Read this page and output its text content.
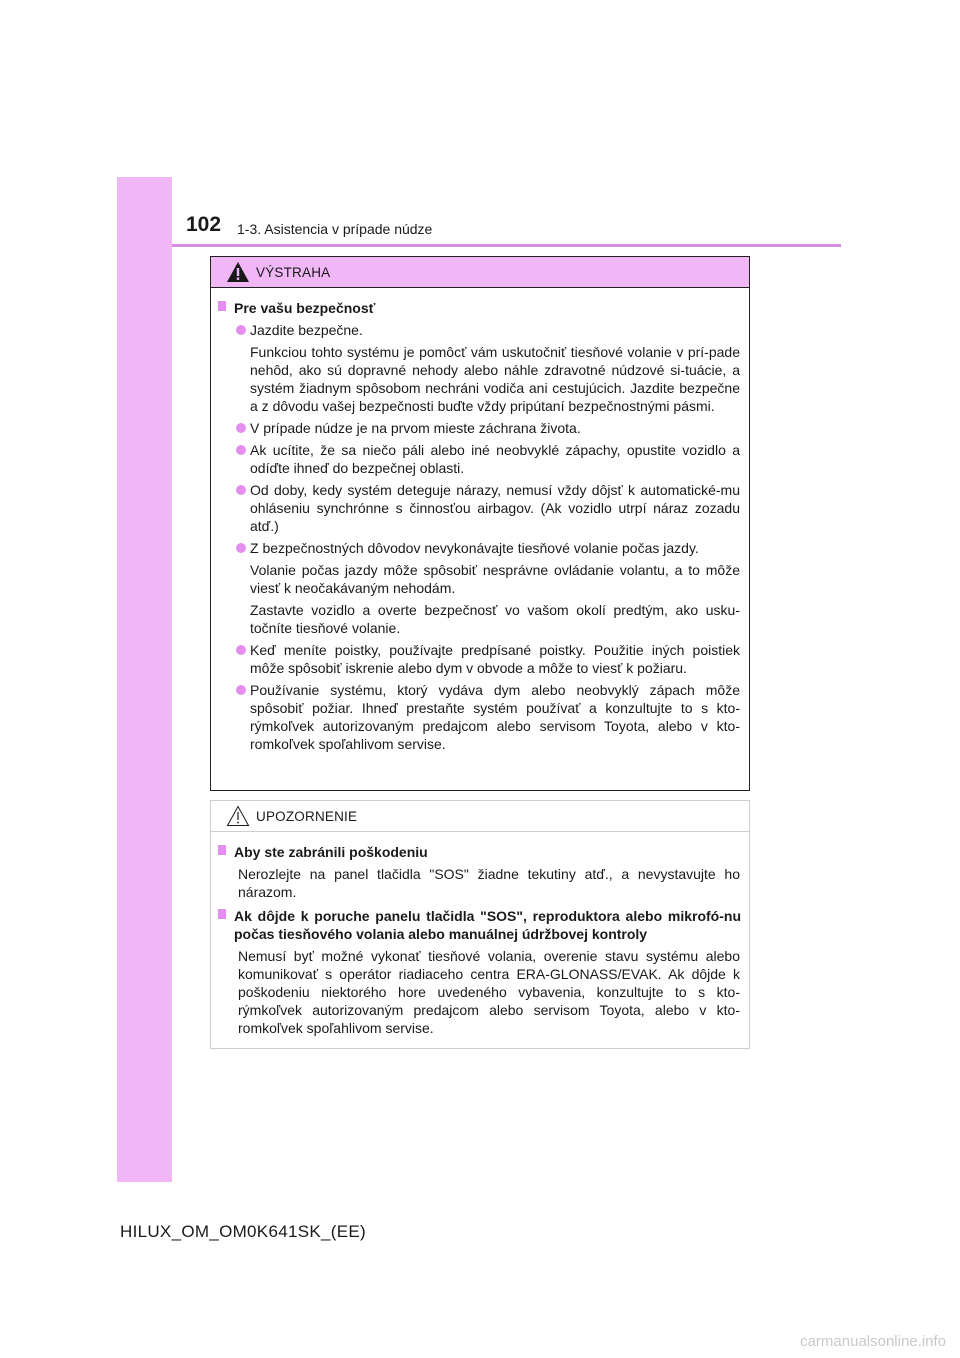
102 1-3. Asistencia v prípade núdze
VÝSTRAHA
Pre vašu bezpečnosť
Jazdite bezpečne.
Funkciou tohto systému je pomôcť vám uskutočniť tiesňové volanie v prí-pade nehôd, ako sú dopravné nehody alebo náhle zdravotné núdzové si-tuácie, a systém žiadnym spôsobom nechráni vodiča ani cestujúcich. Jazdite bezpečne a z dôvodu vašej bezpečnosti buďte vždy pripútaní bezpečnostnými pásmi.
V prípade núdze je na prvom mieste záchrana života.
Ak ucítite, že sa niečo páli alebo iné neobvyklé zápachy, opustite vozidlo a odíďte ihneď do bezpečnej oblasti.
Od doby, kedy systém deteguje nárazy, nemusí vždy dôjsť k automatické-mu ohláseniu synchrónne s činnosťou airbagov. (Ak vozidlo utrpí náraz zozadu atď.)
Z bezpečnostných dôvodov nevykonávajte tiesňové volanie počas jazdy.
Volanie počas jazdy môže spôsobiť nesprávne ovládanie volantu, a to môže viesť k neočakávaným nehodám.
Zastavte vozidlo a overte bezpečnosť vo vašom okolí predtým, ako usku-točníte tiesňové volanie.
Keď meníte poistky, používajte predpísané poistky. Použitie iných poistiek môže spôsobiť iskrenie alebo dym v obvode a môže to viesť k požiaru.
Používanie systému, ktorý vydáva dym alebo neobvyklý zápach môže spôsobiť požiar. Ihneď prestaňte systém používať a konzultujte to s kto-rýmkoľvek autorizovaným predajcom alebo servisom Toyota, alebo v kto-romkoľvek spoľahlivom servise.
UPOZORNENIE
Aby ste zabránili poškodeniu
Nerozlejte na panel tlačidla "SOS" žiadne tekutiny atď., a nevystavujte ho nárazom.
Ak dôjde k poruche panelu tlačidla "SOS", reproduktora alebo mikrofó-nu počas tiesňového volania alebo manuálnej údržbovej kontroly
Nemusí byť možné vykonať tiesňové volania, overenie stavu systému alebo komunikovať s operátor riadiaceho centra ERA-GLONASS/EVAK. Ak dôjde k poškodeniu niektorého hore uvedeného vybavenia, konzultujte to s kto-rýmkoľvek autorizovaným predajcom alebo servisom Toyota, alebo v kto-romkoľvek spoľahlivom servise.
HILUX_OM_OM0K641SK_(EE)
carmanualsonline.info
